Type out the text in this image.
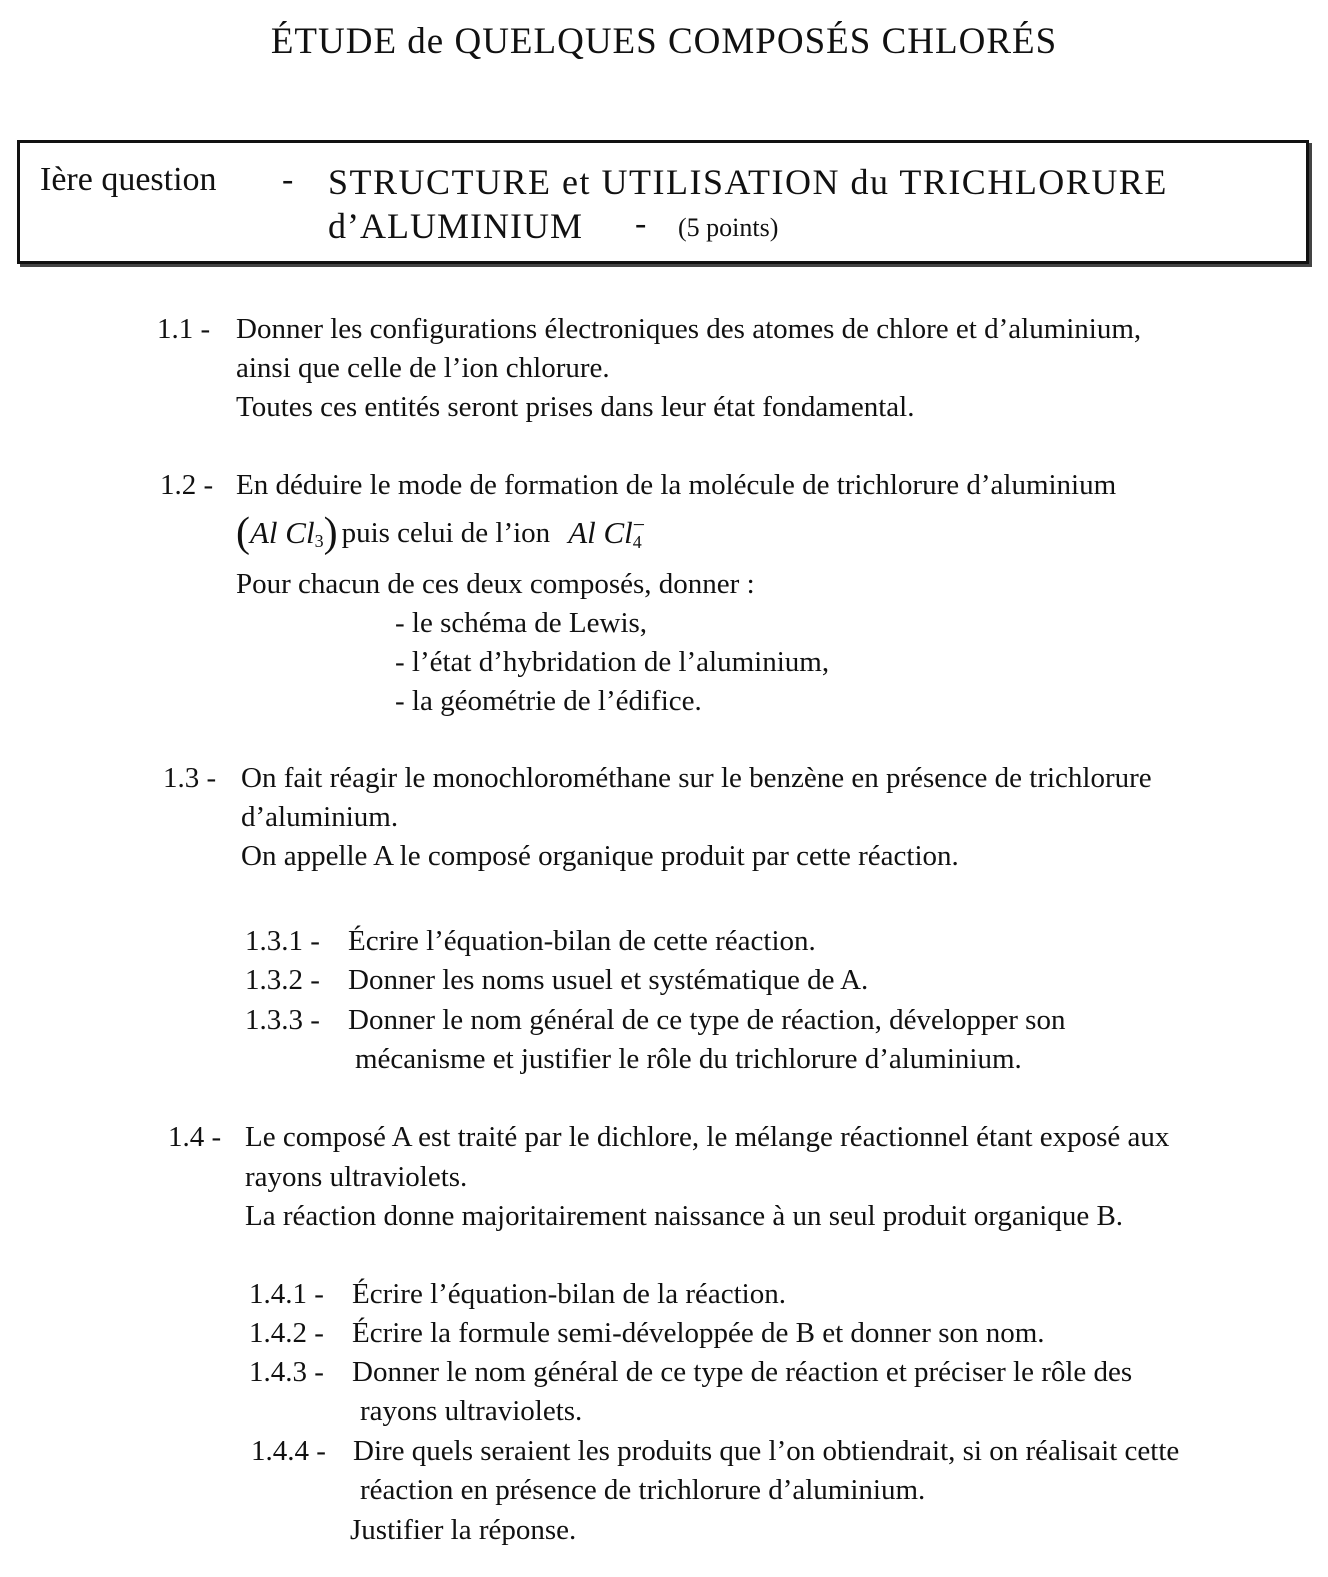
ÉTUDE de QUELQUES COMPOSÉS CHLORÉS
Ière question - STRUCTURE et UTILISATION du TRICHLORURE
d’ALUMINIUM - (5 points)
1.1 - Donner les configurations électroniques des atomes de chlore et d’aluminium,
ainsi que celle de l’ion chlorure.
Toutes ces entités seront prises dans leur état fondamental.
1.2 - En déduire le mode de formation de la molécule de trichlorure d’aluminium
( Al Cl 3 ) puis celui de l’ion Al Cl −
4
Pour chacun de ces deux composés, donner :
- le schéma de Lewis,
- l’état d’hybridation de l’aluminium,
- la géométrie de l’édifice.
1.3 - On fait réagir le monochlorométhane sur le benzène en présence de trichlorure
d’aluminium.
On appelle A le composé organique produit par cette réaction.
1.3.1 - Écrire l’équation-bilan de cette réaction.
1.3.2 - Donner les noms usuel et systématique de A.
1.3.3 - Donner le nom général de ce type de réaction, développer son
mécanisme et justifier le rôle du trichlorure d’aluminium.
1.4 - Le composé A est traité par le dichlore, le mélange réactionnel étant exposé aux
rayons ultraviolets.
La réaction donne majoritairement naissance à un seul produit organique B.
1.4.1 - Écrire l’équation-bilan de la réaction.
1.4.2 - Écrire la formule semi-développée de B et donner son nom.
1.4.3 - Donner le nom général de ce type de réaction et préciser le rôle des
rayons ultraviolets.
1.4.4 - Dire quels seraient les produits que l’on obtiendrait, si on réalisait cette
réaction en présence de trichlorure d’aluminium.
Justifier la réponse.
